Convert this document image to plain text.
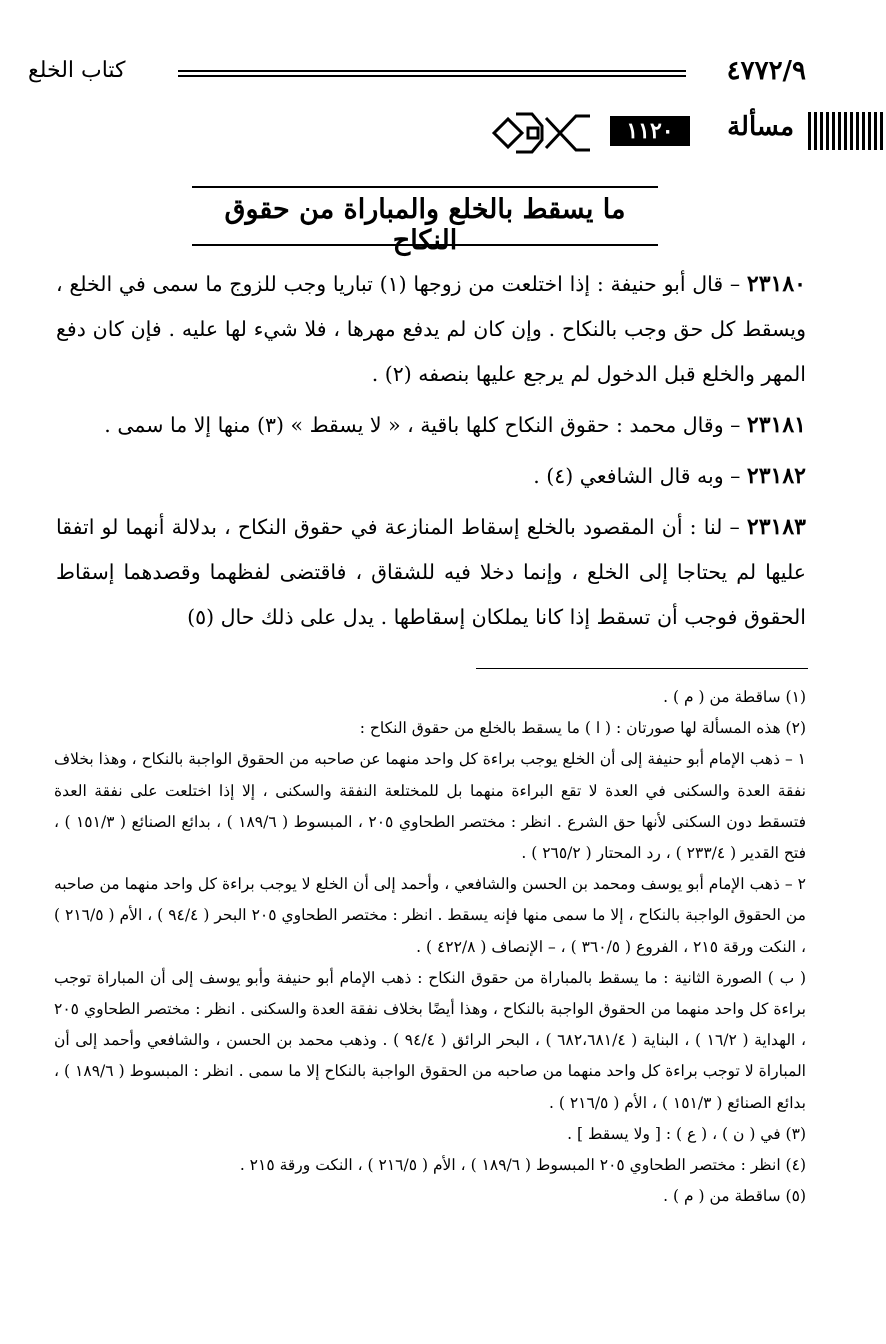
٤٧٧٢/٩
كتاب الخلع
مسألة
١١٢٠
ما يسقط بالخلع والمباراة من حقوق النكاح

٢٣١٨٠ – قال أبو حنيفة : إذا اختلعت من زوجها (١) تباريا وجب للزوج ما سمى في الخلع ، ويسقط كل حق وجب بالنكاح . وإن كان لم يدفع مهرها ، فلا شيء لها عليه . فإن كان دفع المهر والخلع قبل الدخول لم يرجع عليها بنصفه (٢) .

٢٣١٨١ – وقال محمد : حقوق النكاح كلها باقية ، « لا يسقط » (٣) منها إلا ما سمى .

٢٣١٨٢ – وبه قال الشافعي (٤) .

٢٣١٨٣ – لنا : أن المقصود بالخلع إسقاط المنازعة في حقوق النكاح ، بدلالة أنهما لو اتفقا عليها لم يحتاجا إلى الخلع ، وإنما دخلا فيه للشقاق ، فاقتضى لفظهما وقصدهما إسقاط الحقوق فوجب أن تسقط إذا كانا يملكان إسقاطها . يدل على ذلك حال (٥)

(١) ساقطة من ( م ) .

(٢) هذه المسألة لها صورتان : ( ا ) ما يسقط بالخلع من حقوق النكاح :

١ – ذهب الإمام أبو حنيفة إلى أن الخلع يوجب براءة كل واحد منهما عن صاحبه من الحقوق الواجبة بالنكاح ، وهذا بخلاف نفقة العدة والسكنى في العدة لا تقع البراءة منهما بل للمختلعة النفقة والسكنى ، إلا إذا اختلعت على نفقة العدة فتسقط دون السكنى لأنها حق الشرع . انظر : مختصر الطحاوي ٢٠٥ ، المبسوط ( ١٨٩/٦ ) ، بدائع الصنائع ( ١٥١/٣ ) ، فتح القدير ( ٢٣٣/٤ ) ، رد المحتار ( ٢٦٥/٢ ) .

٢ – ذهب الإمام أبو يوسف ومحمد بن الحسن والشافعي ، وأحمد إلى أن الخلع لا يوجب براءة كل واحد منهما من صاحبه من الحقوق الواجبة بالنكاح ، إلا ما سمى منها فإنه يسقط . انظر : مختصر الطحاوي ٢٠٥ البحر ( ٩٤/٤ ) ، الأم ( ٢١٦/٥ ) ، النكت ورقة ٢١٥ ، الفروع ( ٣٦٠/٥ ) ، – الإنصاف ( ٤٢٢/٨ ) .

( ب ) الصورة الثانية : ما يسقط بالمباراة من حقوق النكاح : ذهب الإمام أبو حنيفة وأبو يوسف إلى أن المباراة توجب براءة كل واحد منهما من الحقوق الواجبة بالنكاح ، وهذا أيضًا بخلاف نفقة العدة والسكنى . انظر : مختصر الطحاوي ٢٠٥ ، الهداية ( ١٦/٢ ) ، البناية ( ٦٨٢،٦٨١/٤ ) ، البحر الرائق ( ٩٤/٤ ) . وذهب محمد بن الحسن ، والشافعي وأحمد إلى أن المباراة لا توجب براءة كل واحد منهما من صاحبه من الحقوق الواجبة بالنكاح إلا ما سمى . انظر : المبسوط ( ١٨٩/٦ ) ، بدائع الصنائع ( ١٥١/٣ ) ، الأم ( ٢١٦/٥ ) .

(٣) في ( ن ) ، ( ع ) : [ ولا يسقط ] .

(٤) انظر : مختصر الطحاوي ٢٠٥ المبسوط ( ١٨٩/٦ ) ، الأم ( ٢١٦/٥ ) ، النكت ورقة ٢١٥ .

(٥) ساقطة من ( م ) .
